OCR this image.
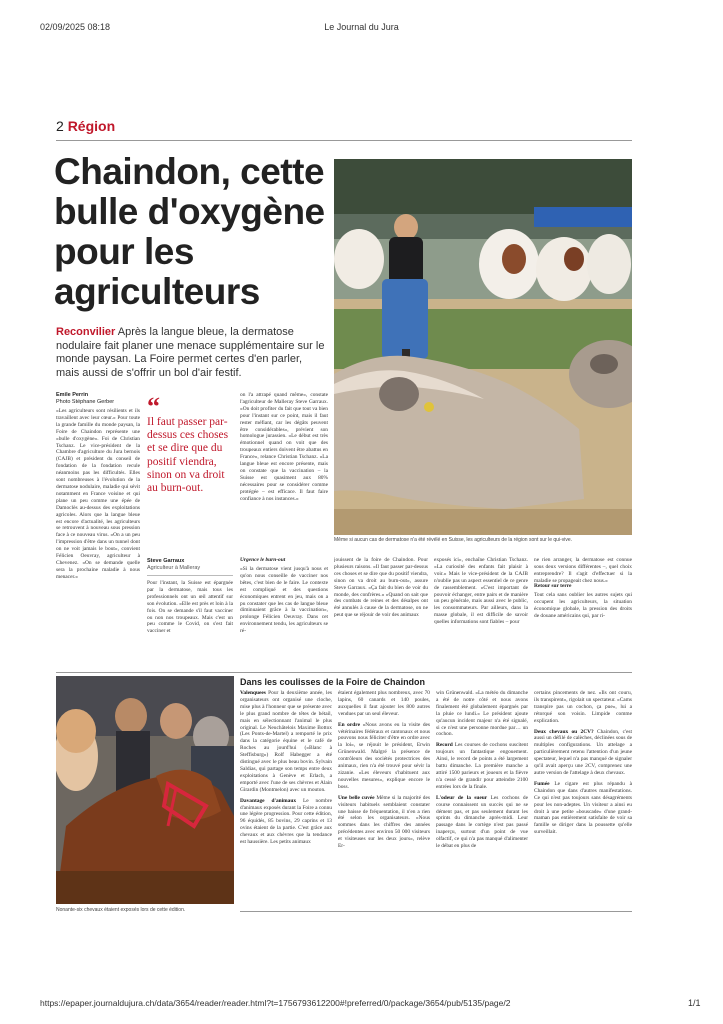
02/09/2025 08:18	Le Journal du Jura
https://epaper.journaldujura.ch/data/3654/reader/reader.html?t=1756793612200#!preferred/0/package/3654/pub/5135/page/2	1/1
2 Région
Chaindon, cette
bulle d'oxygène
pour les
agriculteurs
Reconvilier Après la langue bleue, la dermatose nodulaire fait planer une menace supplémentaire sur le monde paysan. La Foire permet certes d'en parler, mais aussi de s'offrir un bol d'air festif.
Même si aucun cas de dermatose n'a été révélé en Suisse, les agriculteurs de la région sont sur le qui-vive.
Emile Perrin
Photo Stéphane Gerber
«Les agriculteurs sont résilients et ils travaillent avec leur cœur.» Pour toute la grande famille du monde paysan, la Foire de Chaindon représente une «bulle d'oxygène». Foi de Christian Tschanz. Le vice-président de la Chambre d'agriculture du Jura bernois (CAJB) et président du conseil de fondation de la fondation recule néanmoins pas les difficultés. Elles sont nombreuses à l'évolution de la dermatose nodulaire, maladie qui sévit notamment en France voisine et qui plane un peu comme une épée de Damoclès au-dessus des exploitations agricoles. Alors que la langue bleue est encore d'actualité, les agriculteurs se retrouvent à nouveau sous pression face à ce nouveau virus. «On a un peu l'impression d'être dans un tunnel dont on ne voit jamais le bout», convient Félicien Oeuvray, agriculteur à Chevenez. «On se demande quelle sera la prochaine maladie à nous menacer.»
“
Il faut passer par-dessus ces choses et se dire que du positif viendra, sinon on va droit au burn-out.
Steve Garraux
Agriculteur à Malleray
Pour l'instant, la Suisse est épargnée par la dermatose, mais tous les professionnels ont un œil attentif sur son évolution. «Elle est près et loin à la fois. On se demande s'il faut vacciner ou non nos troupeaux. Mais c'est un peu comme le Covid, on s'est fait vacciner et
on l'a attrapé quand même», constate l'agriculteur de Malleray Steve Garraux. «On doit profiter du fait que tout va bien pour l'instant sur ce point, mais il faut rester méfiant, car les dégâts peuvent être considérables», prévient son homologue jurassien. «Le début est très émotionnel quand on voit que des troupeaux entiers doivent être abattus en France», relance Christian Tschanz. «La langue bleue est encore présente, mais on constate que la vaccination – la Suisse est quasiment aux 80% nécessaires pour se considérer comme protégée – est efficace. Il faut faire confiance à nos instances.»
Urgence le burn-out
«Si la dermatose vient jusqu'à nous et qu'on nous conseille de vacciner nos bêtes, c'est bien de le faire. Le contexte est compliqué et des questions économiques entrent en jeu, mais on a pu constater que les cas de langue bleue diminuaient grâce à la vaccination», prolonge Félicien Oeuvray. Dans cet environnement tendu, les agriculteurs se ré-
jouissent de la foire de Chaindon. Pour plusieurs raisons. «Il faut passer par-dessus ces choses et se dire que du positif viendra, sinon on va droit au burn-out», assure Steve Garraux. «Ça fait du bien de voir du monde, des confrères.» «Quand on sait que des combats de reines et des désalpes ont été annulés à cause de la dermatose, on ne peut que se réjouir de voir des animaux
exposés ici», enchaîne Christian Tschanz. «La curiosité des enfants fait plaisir à voir.» Mais le vice-président de la CAJB n'oublie pas un aspect essentiel de ce genre de rassemblement. «C'est important de pouvoir échanger, entre pairs et de manière un peu générale, mais aussi avec le public, les consommateurs. Par ailleurs, dans la masse globale, il est difficile de savoir quelles informations sont fiables – pour
ne rien arranger, la dermatose est connue sous deux versions différentes –, quel choix entreprendre? Il s'agit d'effectuer si la maladie se propageait chez nous.»
Retour sur terre
Tout cela sans oublier les autres sujets qui occupent les agriculteurs, la situation économique globale, la pression des droits de douane américains qui, par ri-
Nonante-six chevaux étaient exposés lors de cette édition.
Dans les coulisses de la Foire de Chaindon
Valenquees Pour la deuxième année, les organisateurs ont organisé une cloche, mise plus à l'honneur que se présente avec le plus grand nombre de têtes de bétail, mais en sélectionnant l'animal le plus original. Le Neuchâtelois Maxime Bottox (Les Ponts-de-Martel) a remporté le prix dans la catégorie équine et le café de Roches au jourd'hui («Blanc à Steffisburg») Rolf Habegger a été distingué avec le plus beau bovin. Sylvain Saldias, qui partage son temps entre deux exploitations à Genève et Erlach, a emporté avec l'une de ses chèvres et Alain Girardin (Montmelon) avec un mouton.
Davantage d'animaux Le nombre d'animaux exposés durant la Foire a connu une légère progression. Pour cette édition, 96 équidés, 85 bovins, 29 caprins et 13 ovins étaient de la partie. C'est grâce aux chevaux et aux chèvres que la tendance est haussière. Les petits animaux
étaient également plus nombreux, avec 70 lapins, 60 canards et 140 poules, auxquelles il faut ajouter les 800 autres vendues par un seul éleveur.
En ordre «Nous avons eu la visite des vétérinaires fédéraux et cantonaux et nous pouvons nous féliciter d'être en ordre avec la loi», se réjouit le président, Erwin Grünenwald. Malgré la présence de contrôleurs des sociétés protectrices des animaux, rien n'a été trouvé pour sévir la zizanie. «Les éleveurs s'habituent aux nouvelles mesures», explique encore le boss.
Une belle cuvée Même si la majorité des visiteurs habituels semblaient constater une baisse de fréquentation, il n'en a rien été selon les organisateurs. «Nous sommes dans les chiffres des années précédentes avec environ 50 000 visiteurs et visiteuses sur les deux jours», relève Er-
win Grünenwald. «La météo du dimanche a été de notre côté et nous avons finalement été globalement épargnés par la pluie ce lundi.» Le président ajoute qu'aucun incident majeur n'a été signalé, si ce n'est une personne mordue par… un cochon.
Record Les courses de cochons suscitent toujours un fantastique engouement. Ainsi, le record de points a été largement battu dimanche. La première manche a attiré 1500 parieurs et joueurs et la fièvre n'a cessé de grandir pour atteindre 2100 entrées lors de la finale.
L'odeur de la sueur Les cochons de course connaissent un succès qui ne se dément pas, et pas seulement durant les sprints du dimanche après-midi. Leur passage dans le cortège n'est pas passé inaperçu, surtout d'un point de vue olfactif, ce qui n'a pas manqué d'alimenter le débat en plus de
certains pincements de nez. «Ils ont couru, ils transpirent», rigolait un spectateur. «Cams transpire pas un cochon, ça pue», lui a rétorqué son voisin. Limpide comme explication.
Deux chevaux ou 2CV? Chaindon, c'est aussi un défilé de calèches, déclinées sous de multiples configurations. Un attelage a particulièrement retenu l'attention d'un jeune spectateur, lequel n'a pas manqué de signaler qu'il avait aperçu une 2CV, comprenez une autre version de l'attelage à deux chevaux.
Fumée Le cigare est plus répandu à Chaindon que dans d'autres manifestations. Ce qui n'est pas toujours sans désagréments pour les non-adeptes. Un visiteur a ainsi eu droit à une petite «bouscade» d'une grand-maman pas entièrement satisfaite de voir sa famille se diriger dans la poussette qu'elle surveillait.
